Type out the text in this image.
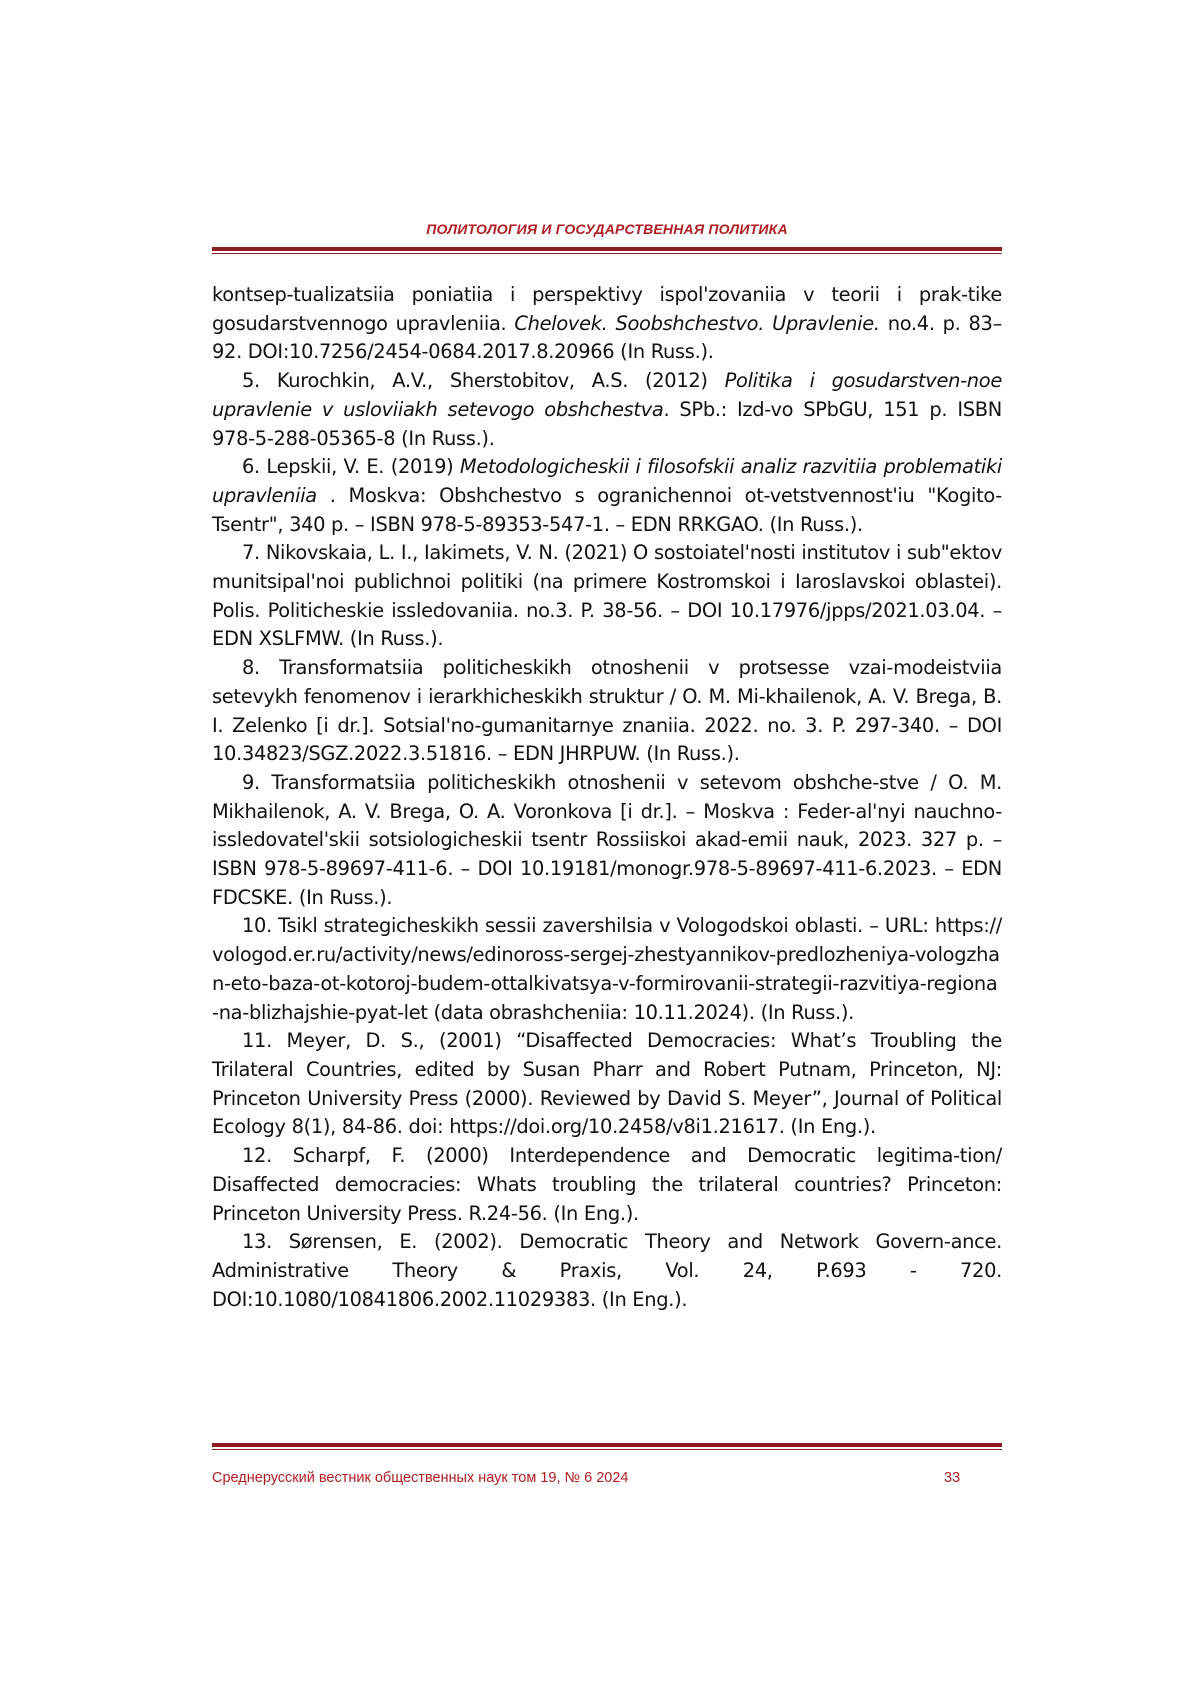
ПОЛИТОЛОГИЯ И ГОСУДАРСТВЕННАЯ ПОЛИТИКА

kontsep-tualizatsiia poniatiia i perspektivy ispol'zovaniia v teorii i prak-tike gosudarstvennogo upravleniia. Chelovek. Soobshchestvo. Upravlenie. no.4. p. 83–92. DOI:10.7256/2454-0684.2017.8.20966 (In Russ.).

5. Kurochkin, A.V., Sherstobitov, A.S. (2012) Politika i gosudarstven-noe upravlenie v usloviiakh setevogo obshchestva. SPb.: Izd-vo SPbGU, 151 p. ISBN 978-5-288-05365-8 (In Russ.).

6. Lepskii, V. E. (2019) Metodologicheskii i filosofskii analiz razvitiia problematiki upravleniia . Moskva: Obshchestvo s ogranichennoi ot-vetstvennost'iu "Kogito-Tsentr", 340 p. – ISBN 978-5-89353-547-1. – EDN RRKGAO. (In Russ.).

7. Nikovskaia, L. I., Iakimets, V. N. (2021) O sostoiatel'nosti institutov i sub"ektov munitsipal'noi publichnoi politiki (na primere Kostromskoi i Iaroslavskoi oblastei). Polis. Politicheskie issledovaniia. no.3. P. 38-56. – DOI 10.17976/jpps/2021.03.04. – EDN XSLFMW. (In Russ.).

8. Transformatsiia politicheskikh otnoshenii v protsesse vzai-modeistviia setevykh fenomenov i ierarkhicheskikh struktur / O. M. Mi-khailenok, A. V. Brega, B. I. Zelenko [i dr.]. Sotsial'no-gumanitarnye znaniia. 2022. no. 3. P. 297-340. – DOI 10.34823/SGZ.2022.3.51816. – EDN JHRPUW. (In Russ.).

9. Transformatsiia politicheskikh otnoshenii v setevom obshche-stve / O. M. Mikhailenok, A. V. Brega, O. A. Voronkova [i dr.]. – Moskva : Feder-al'nyi nauchno-issledovatel'skii sotsiologicheskii tsentr Rossiiskoi akad-emii nauk, 2023. 327 p. – ISBN 978-5-89697-411-6. – DOI 10.19181/monogr.978-5-89697-411-6.2023. – EDN FDCSKE. (In Russ.).

10. Tsikl strategicheskikh sessii zavershilsia v Vologodskoi oblasti. – URL: https://vologod.er.ru/activity/news/edinoross-sergej-zhestyannikov-predlozheniya-vologzhan-eto-baza-ot-kotoroj-budem-ottalkivatsya-v-formirovanii-strategii-razvitiya-regiona-na-blizhajshie-pyat-let (data obrashcheniia: 10.11.2024). (In Russ.).

11. Meyer, D. S., (2001) “Disaffected Democracies: What’s Troubling the Trilateral Countries, edited by Susan Pharr and Robert Putnam, Princeton, NJ: Princeton University Press (2000). Reviewed by David S. Meyer”, Journal of Political Ecology 8(1), 84-86. doi: https://doi.org/10.2458/v8i1.21617. (In Eng.).

12. Scharpf, F. (2000) Interdependence and Democratic legitima-tion/ Disaffected democracies: Whats troubling the trilateral countries? Princeton: Princeton University Press. R.24-56. (In Eng.).

13. Sørensen, E. (2002). Democratic Theory and Network Govern-ance. Administrative Theory & Praxis, Vol. 24, P.693 - 720. DOI:10.1080/10841806.2002.11029383. (In Eng.).

Среднерусский вестник общественных наук том 19, № 6 2024	33
